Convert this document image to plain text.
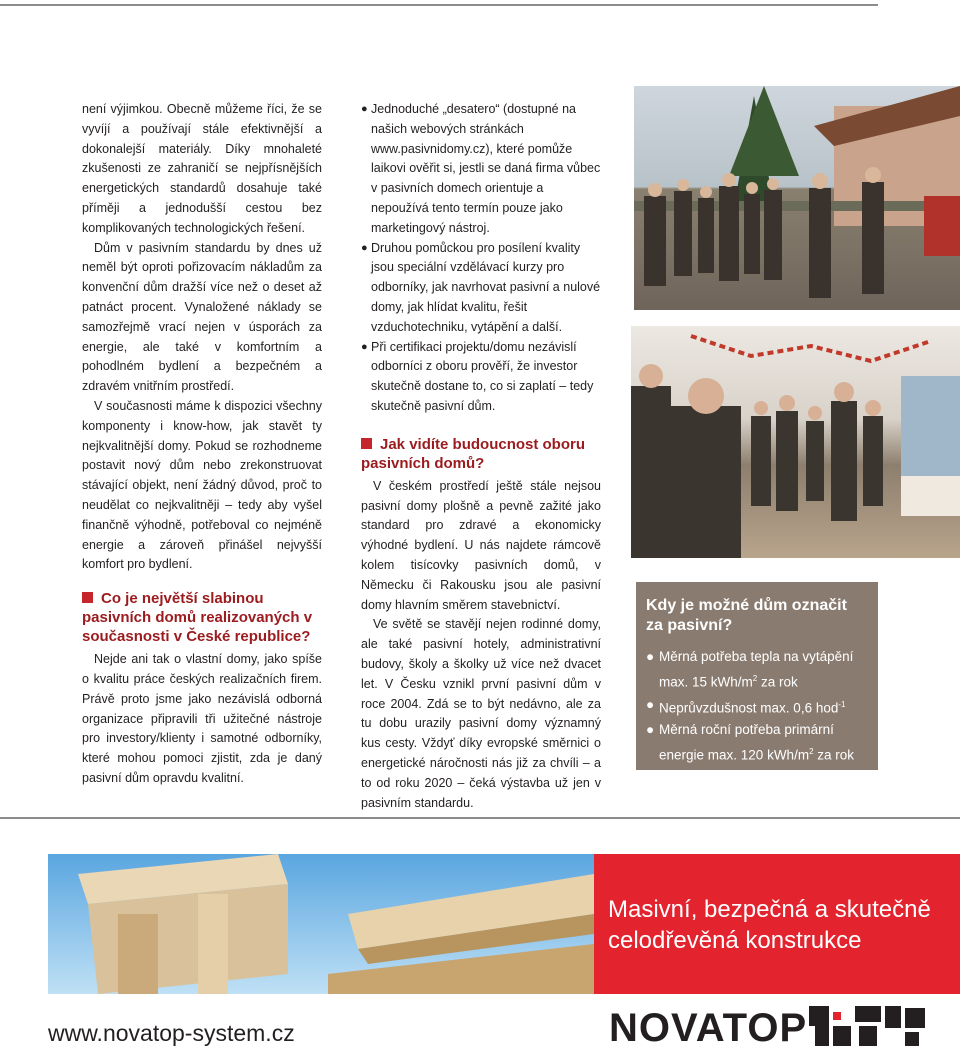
není výjimkou. Obecně můžeme říci, že se vyvíjí a používají stále efektivnější a dokonalejší materiály. Díky mnohaleté zkušenosti ze zahraničí se nejpřísnějších energetických standardů dosahuje také příměji a jednodušší cestou bez komplikovaných technologických řešení.

Dům v pasivním standardu by dnes už neměl být oproti pořizovacím nákladům za konvenční dům dražší více než o deset až patnáct procent. Vynaložené náklady se samozřejmě vrací nejen v úsporách za energie, ale také v komfortním a pohodlném bydlení a bezpečném a zdravém vnitřním prostředí.

V současnosti máme k dispozici všechny komponenty i know-how, jak stavět ty nejkvalitnější domy. Pokud se rozhodneme postavit nový dům nebo zrekonstruovat stávající objekt, není žádný důvod, proč to neudělat co nejkvalitněji – tedy aby vyšel finančně výhodně, potřeboval co nejméně energie a zároveň přinášel nejvyšší komfort pro bydlení.

Co je největší slabinou pasivních domů realizovaných v současnosti v České republice?

Nejde ani tak o vlastní domy, jako spíše o kvalitu práce českých realizačních firem. Právě proto jsme jako nezávislá odborná organizace připravili tři užitečné nástroje pro investory/klienty i samotné odborníky, které mohou pomoci zjistit, zda je daný pasivní dům opravdu kvalitní.

● Jednoduché „desatero“ (dostupné na našich webových stránkách www.pasivnidomy.cz), které pomůže laikovi ověřit si, jestli se daná firma vůbec v pasivních domech orientuje a nepoužívá tento termín pouze jako marketingový nástroj.
● Druhou pomůckou pro posílení kvality jsou speciální vzdělávací kurzy pro odborníky, jak navrhovat pasivní a nulové domy, jak hlídat kvalitu, řešit vzduchotechniku, vytápění a další.
● Při certifikaci projektu/domu nezávislí odborníci z oboru prověří, že investor skutečně dostane to, co si zaplatí – tedy skutečně pasivní dům.
Jak vidíte budoucnost oboru pasivních domů?

V českém prostředí ještě stále nejsou pasivní domy plošně a pevně zažité jako standard pro zdravé a ekonomicky výhodné bydlení. U nás najdete rámcově kolem tisícovky pasivních domů, v Německu či Rakousku jsou ale pasivní domy hlavním směrem stavebnictví.

Ve světě se stavějí nejen rodinné domy, ale také pasivní hotely, administrativní budovy, školy a školky už více než dvacet let. V Česku vznikl první pasivní dům v roce 2004. Zdá se to být nedávno, ale za tu dobu urazily pasivní domy významný kus cesty. Vždyť díky evropské směrnici o energetické náročnosti nás již za chvíli – a to od roku 2020 – čeká výstavba už jen v pasivním standardu.

Kdy je možné dům označit za pasivní?
● Měrná potřeba tepla na vytápění max. 15 kWh/$m^2$ za rok
● Neprůvzdušnost max. 0,6 hod$^{-1}$
● Měrná roční potřeba primární energie max. 120 kWh/$m^2$ za rok
Masivní, bezpečná a skutečně
celodřevěná konstrukce
www.novatop-system.cz	NOVATOP
